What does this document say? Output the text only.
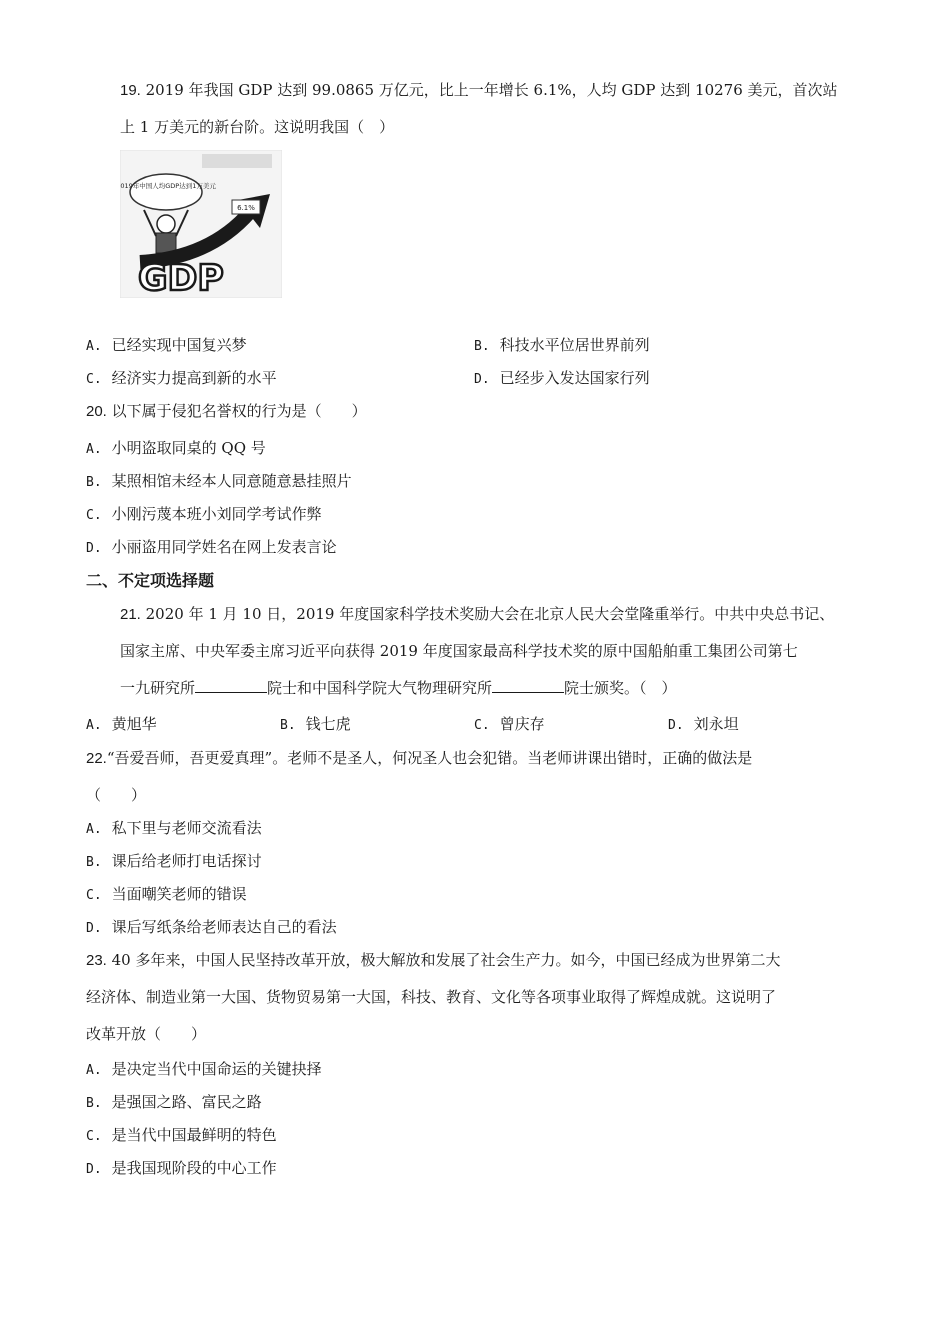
19. 2019 年我国 GDP 达到 99.0865 万亿元，比上一年增长 6.1%，人均 GDP 达到 10276 美元，首次站

上 1 万美元的新台阶。这说明我国（　）

2019年中国人均GDP达到1万美元
6.1%
GDP
A. 已经实现中国复兴梦	B. 科技水平位居世界前列
C. 经济实力提高到新的水平	D. 已经步入发达国家行列
20. 以下属于侵犯名誉权的行为是（　　）
A. 小明盗取同桌的 QQ 号
B. 某照相馆未经本人同意随意悬挂照片
C. 小刚污蔑本班小刘同学考试作弊
D. 小丽盗用同学姓名在网上发表言论
二、不定项选择题

21. 2020 年 1 月 10 日，2019 年度国家科学技术奖励大会在北京人民大会堂隆重举行。中共中央总书记、

国家主席、中央军委主席习近平向获得 2019 年度国家最高科学技术奖的原中国船舶重工集团公司第七

一九研究所	院士和中国科学院大气物理研究所	院士颁奖。（　）

A. 黄旭华	B. 钱七虎	C. 曾庆存	D. 刘永坦

22.“吾爱吾师，吾更爱真理”。老师不是圣人，何况圣人也会犯错。当老师讲课出错时，正确的做法是

（　　）

A. 私下里与老师交流看法
B. 课后给老师打电话探讨
C. 当面嘲笑老师的错误
D. 课后写纸条给老师表达自己的看法

23. 40 多年来，中国人民坚持改革开放，极大解放和发展了社会生产力。如今，中国已经成为世界第二大

经济体、制造业第一大国、货物贸易第一大国，科技、教育、文化等各项事业取得了辉煌成就。这说明了

改革开放（　　）

A. 是决定当代中国命运的关键抉择
B. 是强国之路、富民之路
C. 是当代中国最鲜明的特色
D. 是我国现阶段的中心工作
